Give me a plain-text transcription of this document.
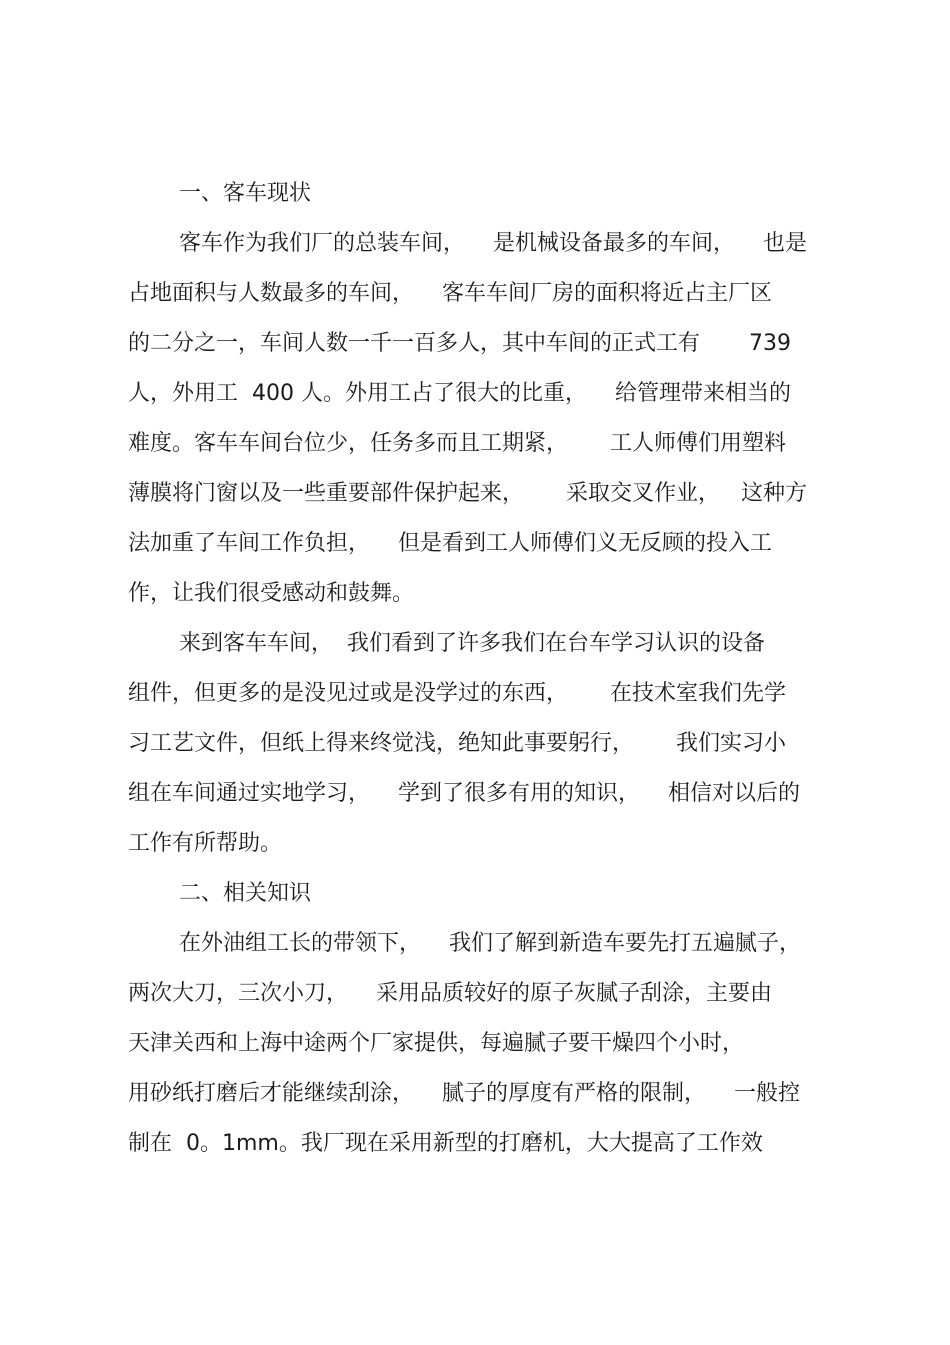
一、客车现状
客车作为我们厂的总装车间，    是机械设备最多的车间，    也是
占地面积与人数最多的车间，    客车车间厂房的面积将近占主厂区
的二分之一，车间人数一千一百多人，其中车间的正式工有       739
人，外用工  400 人。外用工占了很大的比重，    给管理带来相当的
难度。客车车间台位少，任务多而且工期紧，      工人师傅们用塑料
薄膜将门窗以及一些重要部件保护起来，      采取交叉作业，   这种方
法加重了车间工作负担，    但是看到工人师傅们义无反顾的投入工
作，让我们很受感动和鼓舞。
来到客车车间，  我们看到了许多我们在台车学习认识的设备
组件，但更多的是没见过或是没学过的东西，      在技术室我们先学
习工艺文件，但纸上得来终觉浅，绝知此事要躬行，      我们实习小
组在车间通过实地学习，    学到了很多有用的知识，    相信对以后的
工作有所帮助。
二、相关知识
在外油组工长的带领下，    我们了解到新造车要先打五遍腻子，
两次大刀，三次小刀，    采用品质较好的原子灰腻子刮涂，主要由
天津关西和上海中途两个厂家提供，每遍腻子要干燥四个小时，
用砂纸打磨后才能继续刮涂，    腻子的厚度有严格的限制，    一般控
制在  0。1mm。我厂现在采用新型的打磨机，大大提高了工作效
